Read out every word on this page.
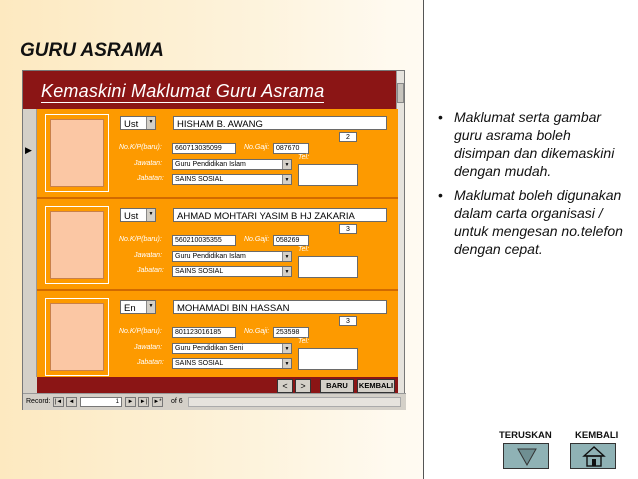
GURU ASRAMA
Kemaskini Maklumat Guru Asrama
▶
Ust	▼	HISHAM B. AWANG
2
No.K/P(baru):	660713035099	No.Gaji: 087670
Tel:
Jawatan:	Guru Pendidikan Islam	▼
Jabatan:	SAINS SOSIAL	▼
Ust	▼	AHMAD MOHTARI YASIM B HJ ZAKARIA
3
No.K/P(baru):	560210035355	No.Gaji: 058269
Tel:
Jawatan:	Guru Pendidikan Islam	▼
Jabatan:	SAINS SOSIAL	▼
En	▼	MOHAMADI BIN HASSAN
3
No.K/P(baru):	801123016185	No.Gaji: 253598
Tel:
Jawatan:	Guru Pendidikan Seni	▼
Jabatan:	SAINS SOSIAL	▼
<	>	BARU	KEMBALI
Record: |◄	◄	1	►	►| ►* of 6
• Maklumat serta gambar guru asrama boleh disimpan dan dikemaskini dengan mudah.
• Maklumat boleh digunakan dalam carta organisasi / untuk mengesan no.telefon dengan cepat.
TERUSKAN KEMBALI
